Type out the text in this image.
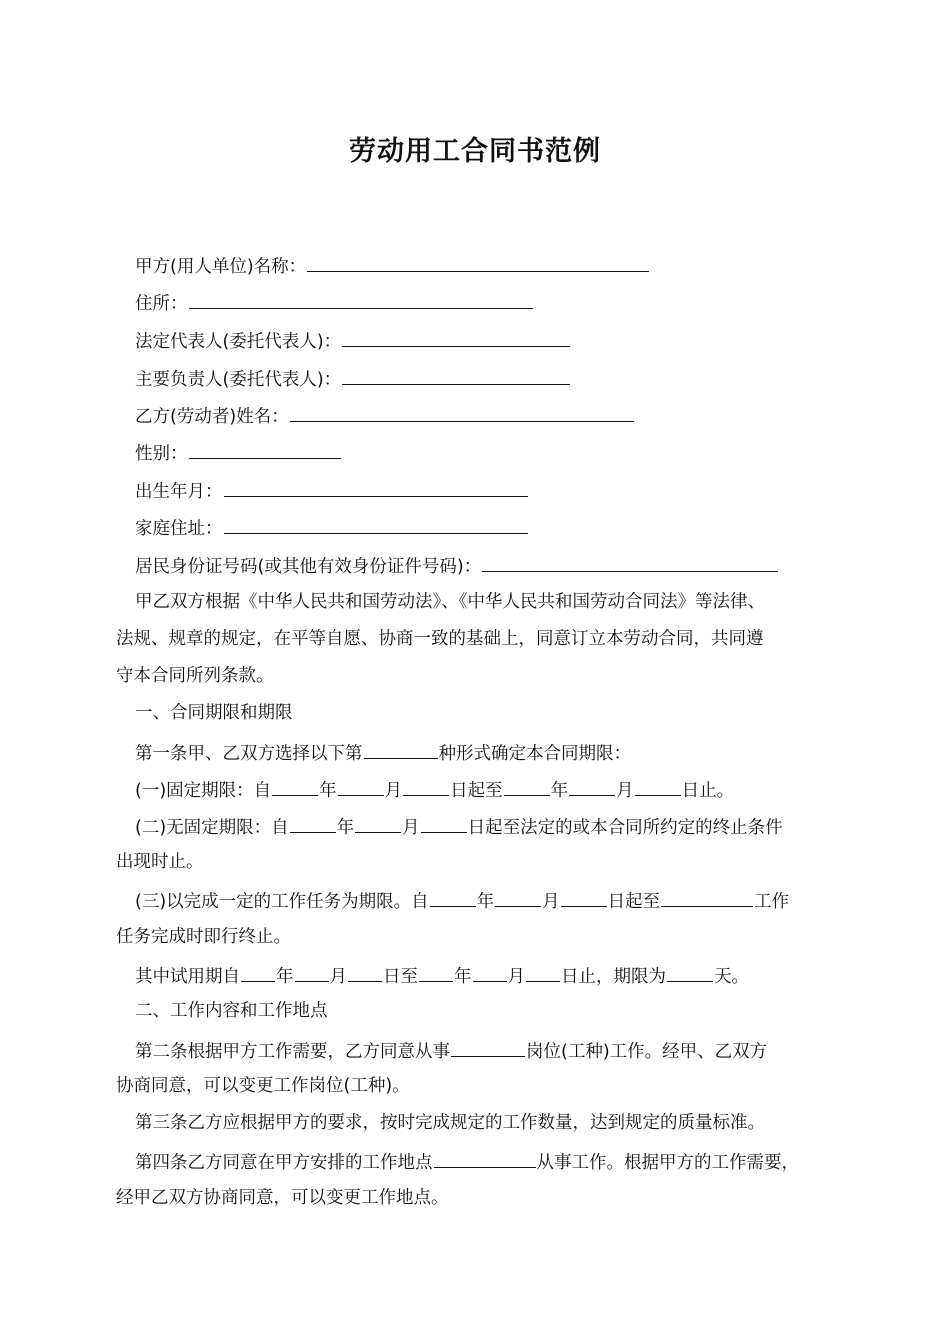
劳动用工合同书范例
甲方(用人单位)名称：
住所：
法定代表人(委托代表人)：
主要负责人(委托代表人)：
乙方(劳动者)姓名：
性别：
出生年月：
家庭住址：
居民身份证号码(或其他有效身份证件号码)：
甲乙双方根据《中华人民共和国劳动法》、《中华人民共和国劳动合同法》等法律、
法规、规章的规定，在平等自愿、协商一致的基础上，同意订立本劳动合同，共同遵
守本合同所列条款。
一、合同期限和期限
第一条甲、乙双方选择以下第	种形式确定本合同期限：
(一)固定期限：自	年	月	日起至	年	月	日止。
(二)无固定期限：自	年	月	日起至法定的或本合同所约定的终止条件
出现时止。
(三)以完成一定的工作任务为期限。自	年	月	日起至	工作
任务完成时即行终止。
其中试用期自 年 月 日至 年 月 日止，期限为	天。
二、工作内容和工作地点
第二条根据甲方工作需要，乙方同意从事	岗位(工种)工作。经甲、乙双方
协商同意，可以变更工作岗位(工种)。
第三条乙方应根据甲方的要求，按时完成规定的工作数量，达到规定的质量标准。
第四条乙方同意在甲方安排的工作地点	从事工作。根据甲方的工作需要，
经甲乙双方协商同意，可以变更工作地点。
